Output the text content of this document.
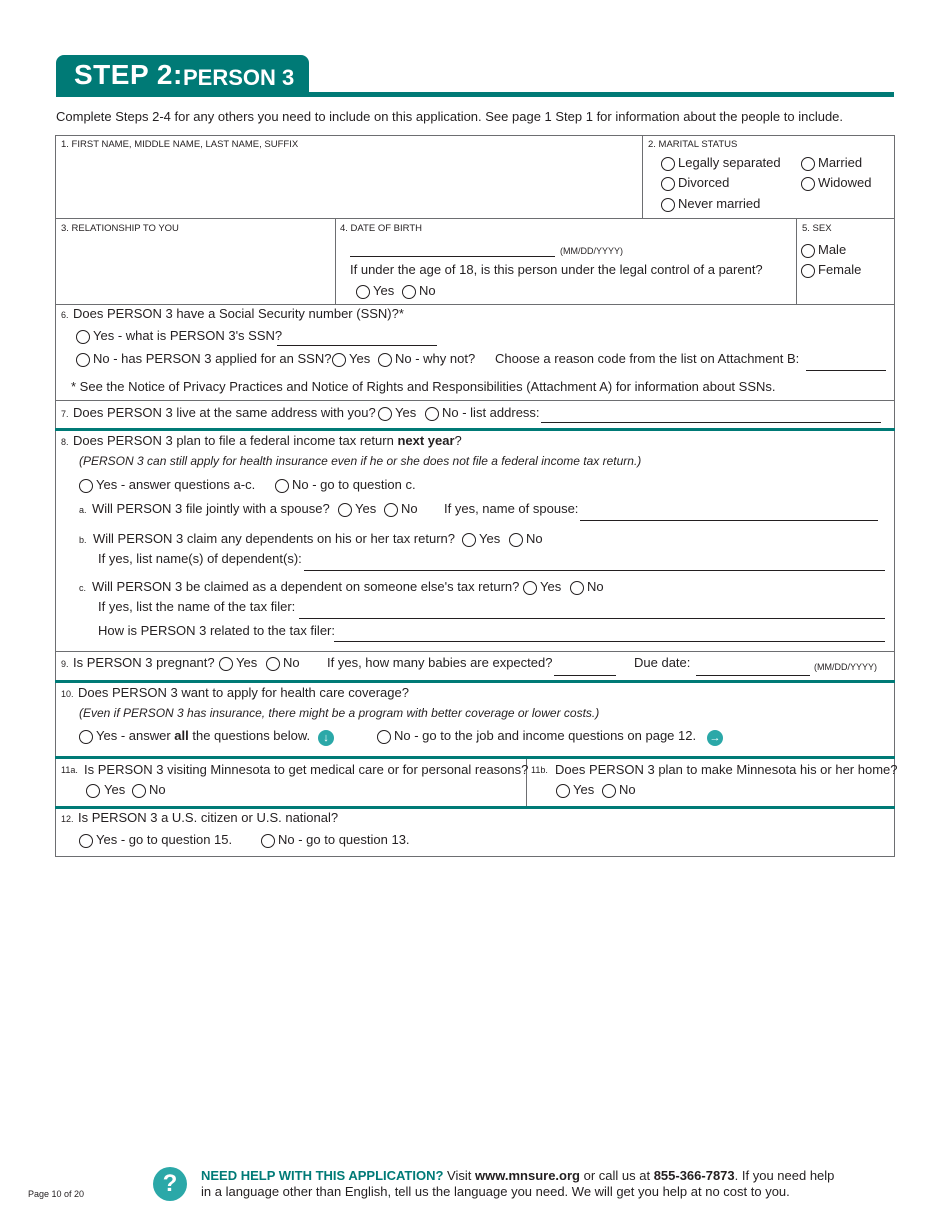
STEP 2: PERSON 3
Complete Steps 2-4 for any others you need to include on this application. See page 1 Step 1 for information about the people to include.
1. FIRST NAME, MIDDLE NAME, LAST NAME, SUFFIX	2. MARITAL STATUS
Legally separated	Married
Divorced	Widowed
Never married
3. RELATIONSHIP TO YOU	4. DATE OF BIRTH
(MM/DD/YYYY)
If under the age of 18, is this person under the legal control of a parent?
Yes No
5. SEX
Male
Female
6. Does PERSON 3 have a Social Security number (SSN)?*
Yes - what is PERSON 3's SSN?
No - has PERSON 3 applied for an SSN? Yes No - why not? Choose a reason code from the list on Attachment B:
* See the Notice of Privacy Practices and Notice of Rights and Responsibilities (Attachment A) for information about SSNs.
7. Does PERSON 3 live at the same address with you? Yes No - list address:
8. Does PERSON 3 plan to file a federal income tax return next year?
(PERSON 3 can still apply for health insurance even if he or she does not file a federal income tax return.)
Yes - answer questions a-c.	No - go to question c.
a. Will PERSON 3 file jointly with a spouse? Yes No If yes, name of spouse:
b. Will PERSON 3 claim any dependents on his or her tax return? Yes No
If yes, list name(s) of dependent(s):
c. Will PERSON 3 be claimed as a dependent on someone else's tax return? Yes No
If yes, list the name of the tax filer:
How is PERSON 3 related to the tax filer:
9. Is PERSON 3 pregnant? Yes No If yes, how many babies are expected?	Due date:	(MM/DD/YYYY)
10. Does PERSON 3 want to apply for health care coverage?
(Even if PERSON 3 has insurance, there might be a program with better coverage or lower costs.)
Yes - answer all the questions below.	↓	No - go to the job and income questions on page 12. →
11a. Is PERSON 3 visiting Minnesota to get medical care or for personal reasons?
Yes No
11b. Does PERSON 3 plan to make Minnesota his or her home?
Yes No
12. Is PERSON 3 a U.S. citizen or U.S. national?
Yes - go to question 15.	No - go to question 13.
Page 10 of 20	?	NEED HELP WITH THIS APPLICATION? Visit www.mnsure.org or call us at 855-366-7873. If you need help
in a language other than English, tell us the language you need. We will get you help at no cost to you.
